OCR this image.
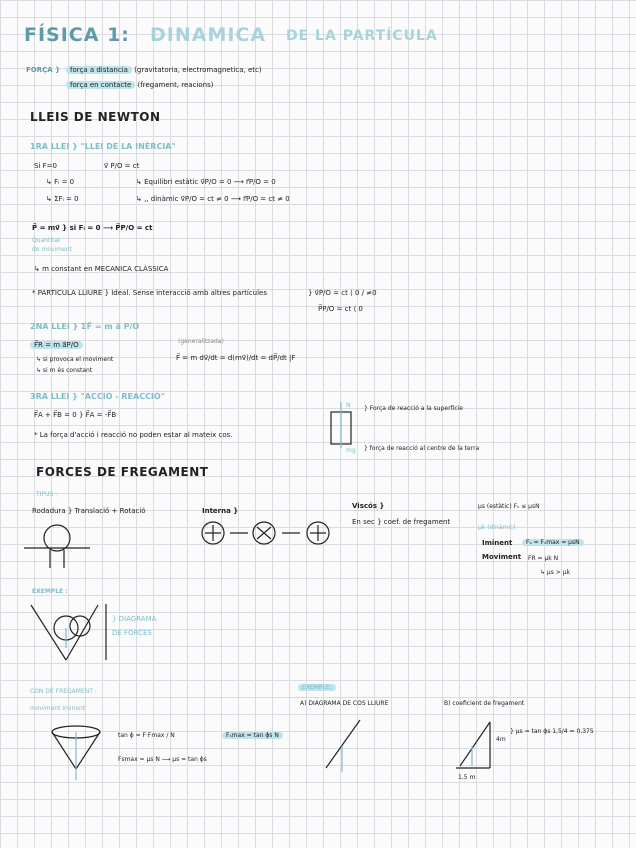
FÍSICA 1: DINAMICA DE LA PARTÍCULA
FORÇA }	força a distancia (gravitatoria, electromagnetica, etc)
força en contacte (fregament, reacions)
LLEIS DE NEWTON
1RA LLEI } "LLEI DE LA INÈRCIA"
Si F=0	v⃗ P/O = ct
↳ Fᵢ = 0
↳ ΣFᵢ = 0
↳ Equilibri estàtic v⃗P/O = 0 ⟶ r⃗P/O = 0
↳ ,, dinàmic v⃗P/O = ct ≠ 0 ⟶ r⃗P/O = ct ≠ 0
P⃗ = mv⃗ } si Fᵢ = 0 ⟶ P⃗P/O = ct
Quantitat
de moviment
↳ m constant en MECANICA CLÀSSICA
* PARTICULA LLIURE } Ideal. Sense interacció amb altres partícules	} v⃗P/O = ct ⟨ 0 / ≠0
P⃗P/O = ct ⟨ 0
2NA LLEI } ΣF⃗ = m a⃗ P/O
F⃗R = m a⃗P/O
↳ si provoca el moviment
↳ si m és constant
(generalitzada)
F⃗ = m dv⃗/dt = d(mv⃗)/dt = dP⃗/dt |F
3RA LLEI } "ACCIÓ - REACCIÓ"
F⃗A + F⃗B = 0 } F⃗A = -F⃗B
* La força d'acció i reacció no poden estar al mateix cos.
N
mg
} Força de reacció a la superfície
} força de reacció al centre de la terra
FORCES DE FREGAMENT
TIPUS :
Rodadura } Translació + Rotació	Interna }
Viscós }
En sec } coef. de fregament
μs (estàtic) Fₛ ≤ μsN
μk (dinàmic)
Iminent	Fₛ = Fₛmax = μsN
Moviment FR = μk N
↳ μs > μk
EXEMPLE :
} DIAGRAMA DE FORCES
CON DE FREGAMENT :
moviment iminent
tan ϕ = F·Fmax / N	Fₛmax = tan ϕs N
Fsmax = μs N ⟶ μs = tan ϕs
EXEMPLE:
A) DIAGRAMA DE COS LLIURE	B) coeficient de fregament
1,5 m
4m
} μs = tan ϕs 1,5/4 = 0,375
